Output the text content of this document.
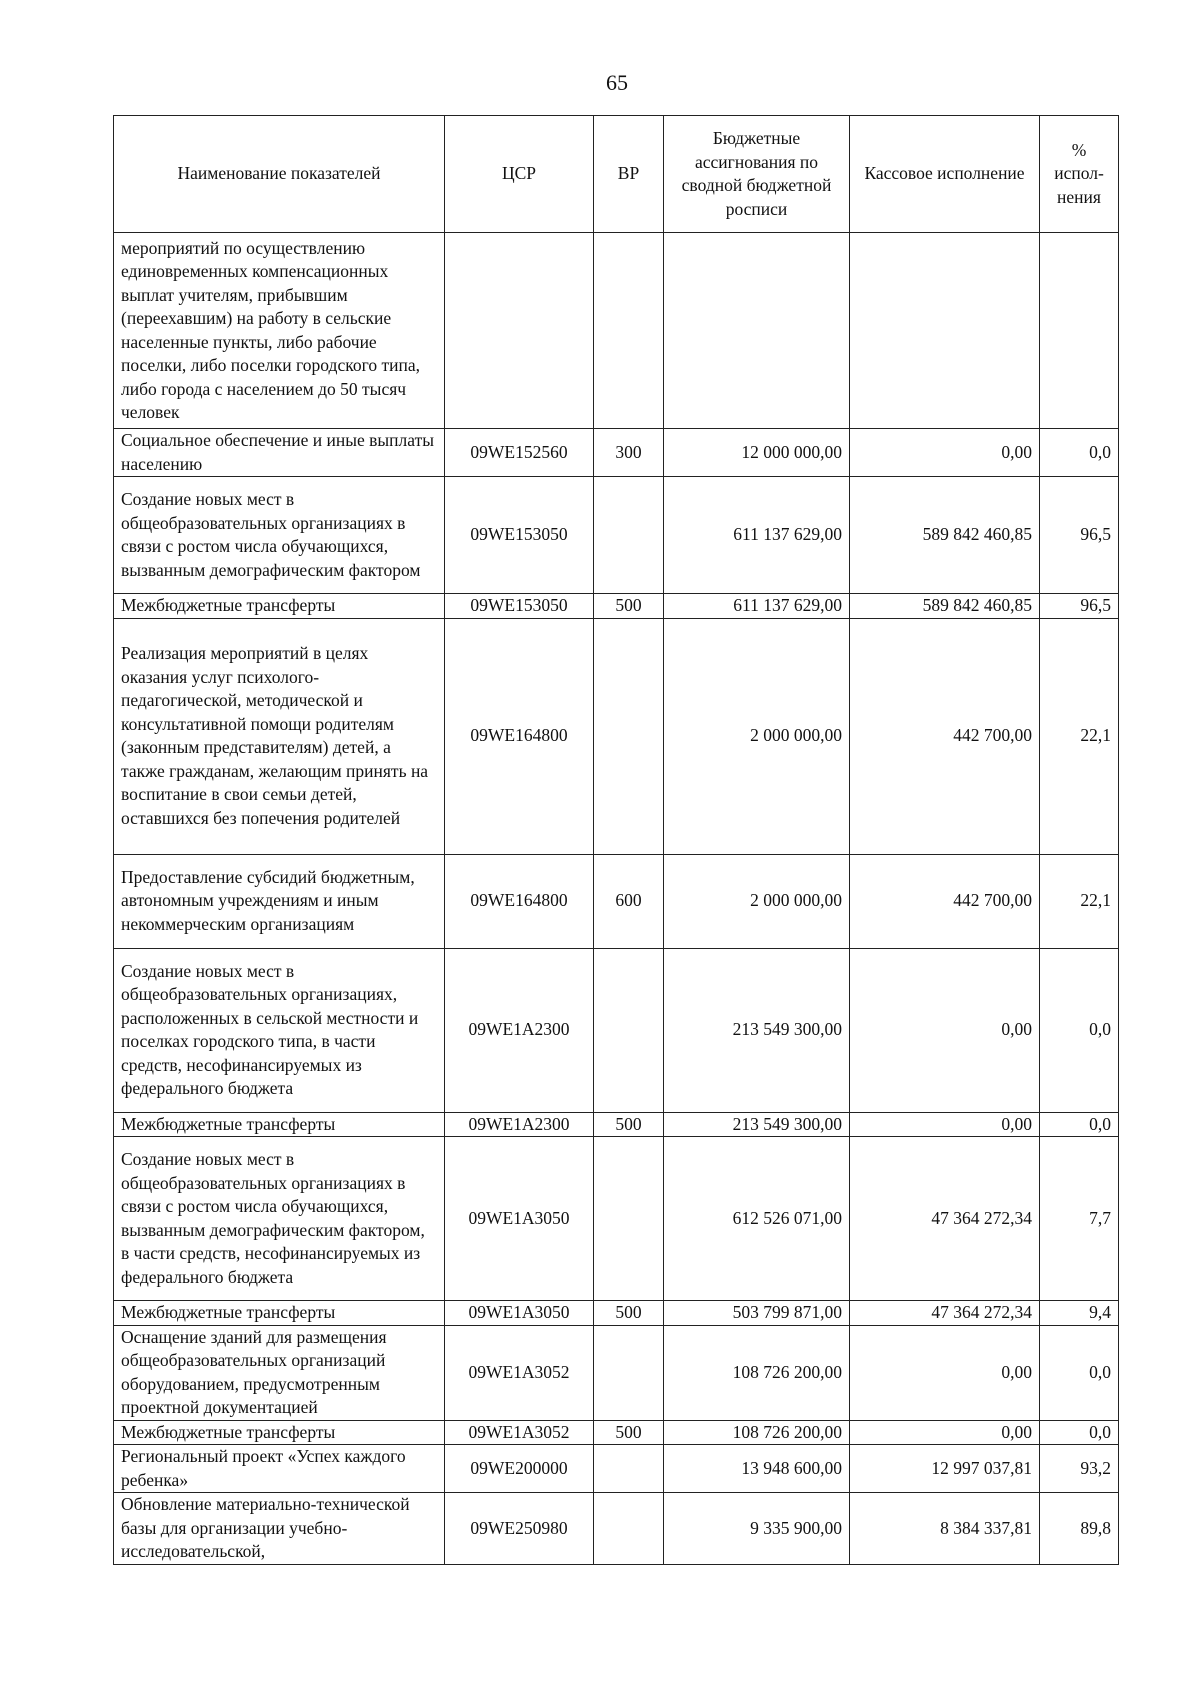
65
Наименование показателей	ЦСР	ВР	Бюджетные ассигнования по сводной бюджетной росписи	Кассовое исполнение	% испол-нения
мероприятий по осуществлению единовременных компенсационных выплат учителям, прибывшим (переехавшим) на работу в сельские населенные пункты, либо рабочие поселки, либо поселки городского типа, либо города с населением до 50 тысяч человек					
Социальное обеспечение и иные выплаты населению	09WE152560	300	12 000 000,00	0,00	0,0
Создание новых мест в общеобразовательных организациях в связи с ростом числа обучающихся, вызванным демографическим фактором	09WE153050		611 137 629,00	589 842 460,85	96,5
Межбюджетные трансферты	09WE153050	500	611 137 629,00	589 842 460,85	96,5
Реализация мероприятий в целях оказания услуг психолого-педагогической, методической и консультативной помощи родителям (законным представителям) детей, а также гражданам, желающим принять на воспитание в свои семьи детей, оставшихся без попечения родителей	09WE164800		2 000 000,00	442 700,00	22,1
Предоставление субсидий бюджетным, автономным учреждениям и иным некоммерческим организациям	09WE164800	600	2 000 000,00	442 700,00	22,1
Создание новых мест в общеобразовательных организациях, расположенных в сельской местности и поселках городского типа, в части средств, несофинансируемых из федерального бюджета	09WE1A2300		213 549 300,00	0,00	0,0
Межбюджетные трансферты	09WE1A2300	500	213 549 300,00	0,00	0,0
Создание новых мест в общеобразовательных организациях в связи с ростом числа обучающихся, вызванным демографическим фактором, в части средств, несофинансируемых из федерального бюджета	09WE1A3050		612 526 071,00	47 364 272,34	7,7
Межбюджетные трансферты	09WE1A3050	500	503 799 871,00	47 364 272,34	9,4
Оснащение зданий для размещения общеобразовательных организаций оборудованием, предусмотренным проектной документацией	09WE1A3052		108 726 200,00	0,00	0,0
Межбюджетные трансферты	09WE1A3052	500	108 726 200,00	0,00	0,0
Региональный проект «Успех каждого ребенка»	09WE200000		13 948 600,00	12 997 037,81	93,2
Обновление материально-технической базы для организации учебно-исследовательской,	09WE250980		9 335 900,00	8 384 337,81	89,8
